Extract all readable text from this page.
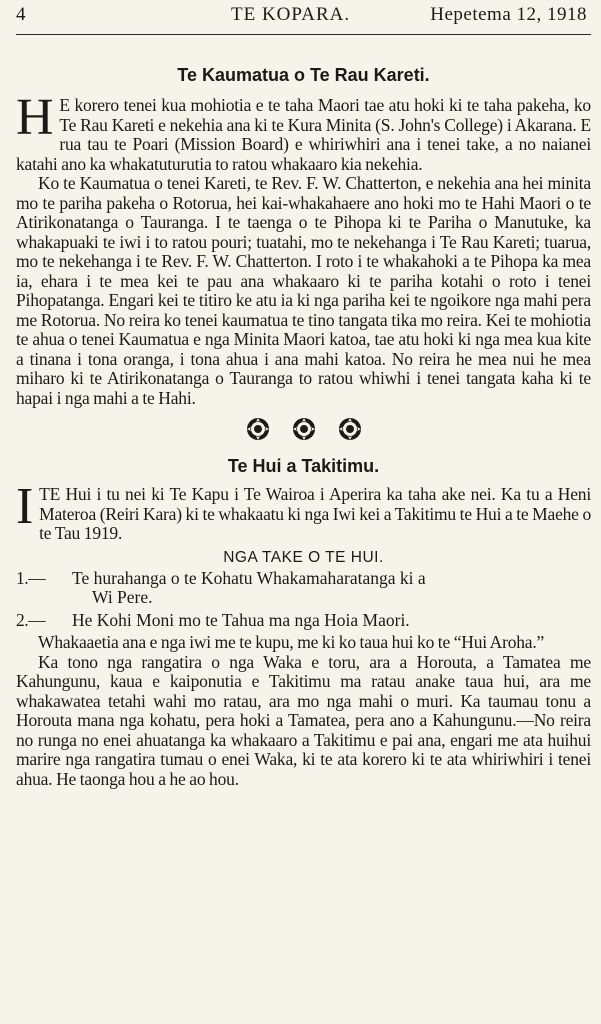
4	TE KOPARA.	Hepetema 12, 1918
Te Kaumatua o Te Rau Kareti.

H E korero tenei kua mohiotia e te taha Maori tae atu hoki ki te taha pakeha, ko Te Rau Kareti e nekehia ana ki te Kura Minita (S. John's College) i Akarana. E rua tau te Poari (Mission Board) e whiriwhiri ana i tenei take, a no naianei katahi ano ka whakatuturutia to ratou whakaaro kia nekehia.

Ko te Kaumatua o tenei Kareti, te Rev. F. W. Chatterton, e nekehia ana hei minita mo te pariha pakeha o Rotorua, hei kai-whakahaere ano hoki mo te Hahi Maori o te Atirikonatanga o Tauranga. I te taenga o te Pihopa ki te Pariha o Manutuke, ka whakapuaki te iwi i to ratou pouri; tuatahi, mo te nekehanga i Te Rau Kareti; tuarua, mo te nekehanga i te Rev. F. W. Chatterton. I roto i te whakahoki a te Pihopa ka mea ia, ehara i te mea kei te pau ana whakaaro ki te pariha kotahi o roto i tenei Pihopatanga. Engari kei te titiro ke atu ia ki nga pariha kei te ngoikore nga mahi pera me Rotorua. No reira ko tenei kaumatua te tino tangata tika mo reira. Kei te mohiotia te ahua o tenei Kaumatua e nga Minita Maori katoa, tae atu hoki ki nga mea kua kite a tinana i tona oranga, i tona ahua i ana mahi katoa. No reira he mea nui he mea miharo ki te Atirikonatanga o Tauranga to ratou whiwhi i tenei tangata kaha ki te hapai i nga mahi a te Hahi.

Te Hui a Takitimu.

ITE Hui i tu nei ki Te Kapu i Te Wairoa i Aperira ka taha ake nei. Ka tu a Heni Materoa (Reiri Kara) ki te whakaatu ki nga Iwi kei a Takitimu te Hui a te Maehe o te Tau 1919.

NGA TAKE O TE HUI.
1.—	Te hurahanga o te Kohatu Whakamaharatanga ki a
Wi Pere.
2.—	He Kohi Moni mo te Tahua ma nga Hoia Maori.

Whakaaetia ana e nga iwi me te kupu, me ki ko taua hui ko te “Hui Aroha.”

Ka tono nga rangatira o nga Waka e toru, ara a Horouta, a Tamatea me Kahungunu, kaua e kaiponutia e Takitimu ma ratau anake taua hui, ara me whakawatea tetahi wahi mo ratau, ara mo nga mahi o muri. Ka taumau tonu a Horouta mana nga kohatu, pera hoki a Tamatea, pera ano a Kahungunu.—No reira no runga no enei ahuatanga ka whakaaro a Takitimu e pai ana, engari me ata huihui marire nga rangatira tumau o enei Waka, ki te ata korero ki te ata whiriwhiri i tenei ahua. He taonga hou a he ao hou.
